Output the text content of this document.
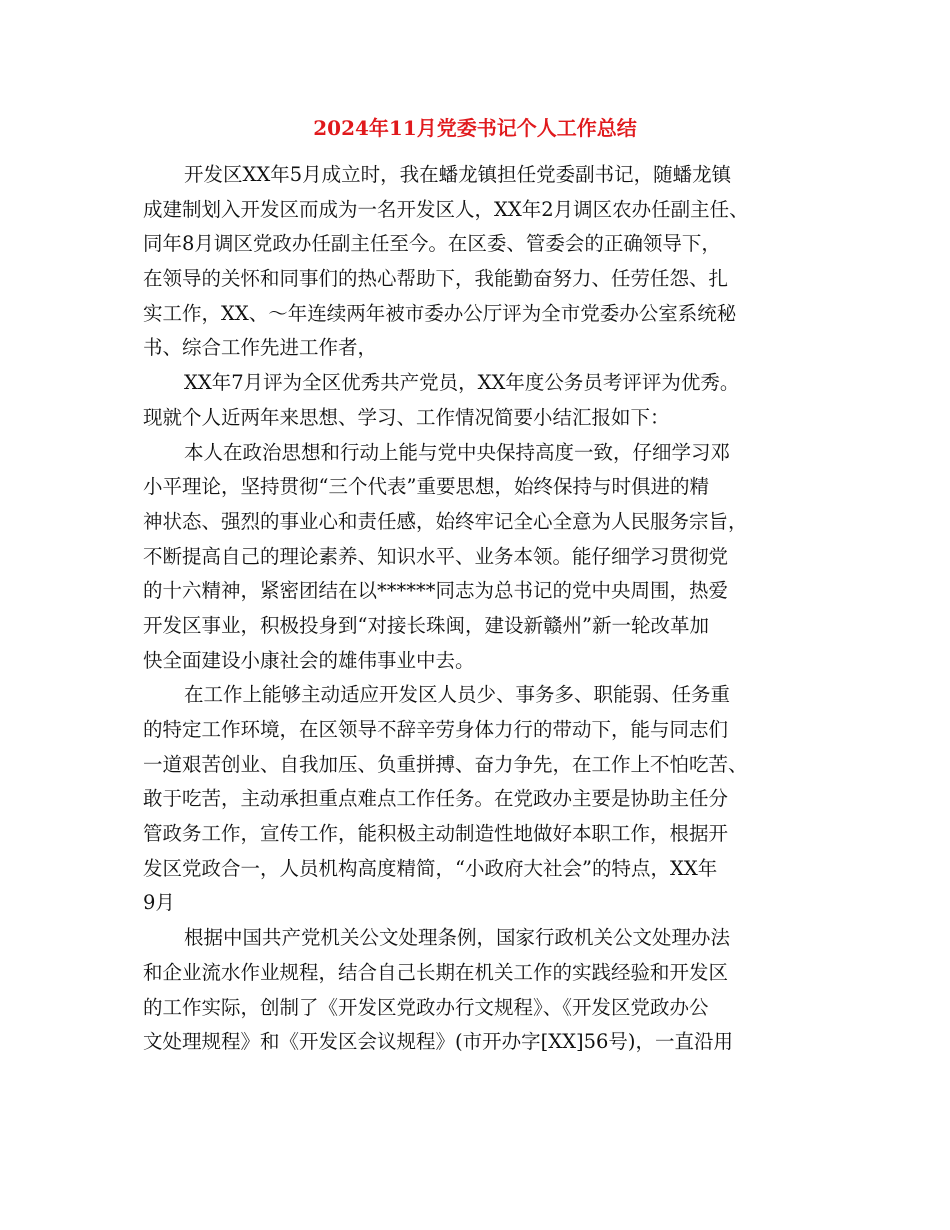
2024年11月党委书记个人工作总结
开发区XX年5月成立时，我在蟠龙镇担任党委副书记，随蟠龙镇
成建制划入开发区而成为一名开发区人，XX年2月调区农办任副主任、
同年8月调区党政办任副主任至今。在区委、管委会的正确领导下，
在领导的关怀和同事们的热心帮助下，我能勤奋努力、任劳任怨、扎
实工作，XX、～年连续两年被市委办公厅评为全市党委办公室系统秘
书、综合工作先进工作者，
XX年7月评为全区优秀共产党员，XX年度公务员考评评为优秀。
现就个人近两年来思想、学习、工作情况简要小结汇报如下：
本人在政治思想和行动上能与党中央保持高度一致，仔细学习邓
小平理论，坚持贯彻“三个代表”重要思想，始终保持与时俱进的精
神状态、强烈的事业心和责任感，始终牢记全心全意为人民服务宗旨，
不断提高自己的理论素养、知识水平、业务本领。能仔细学习贯彻党
的十六精神，紧密团结在以******同志为总书记的党中央周围，热爱
开发区事业，积极投身到“对接长珠闽，建设新赣州”新一轮改革加
快全面建设小康社会的雄伟事业中去。
在工作上能够主动适应开发区人员少、事务多、职能弱、任务重
的特定工作环境，在区领导不辞辛劳身体力行的带动下，能与同志们
一道艰苦创业、自我加压、负重拼搏、奋力争先，在工作上不怕吃苦、
敢于吃苦，主动承担重点难点工作任务。在党政办主要是协助主任分
管政务工作，宣传工作，能积极主动制造性地做好本职工作，根据开
发区党政合一，人员机构高度精简，“小政府大社会”的特点，XX年
9月
根据中国共产党机关公文处理条例，国家行政机关公文处理办法
和企业流水作业规程，结合自己长期在机关工作的实践经验和开发区
的工作实际，创制了《开发区党政办行文规程》、《开发区党政办公
文处理规程》和《开发区会议规程》(市开办字[XX]56号)，一直沿用
